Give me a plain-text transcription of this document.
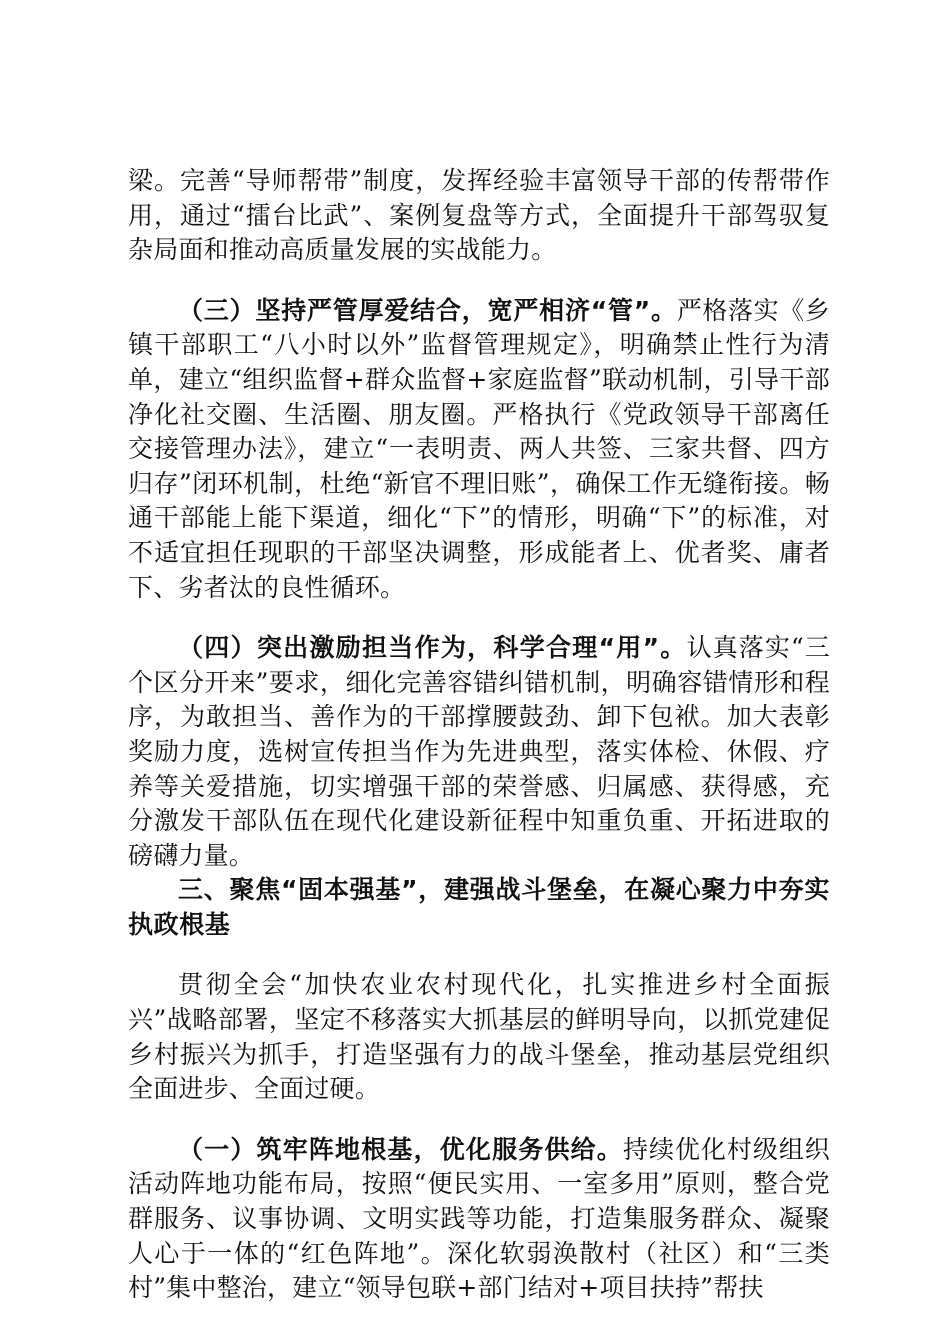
梁。完善“导师帮带”制度，发挥经验丰富领导干部的传帮带作用，通过“擂台比武”、案例复盘等方式，全面提升干部驾驭复杂局面和推动高质量发展的实战能力。

（三）坚持严管厚爱结合，宽严相济“管”。严格落实《乡镇干部职工“八小时以外”监督管理规定》，明确禁止性行为清单，建立“组织监督+群众监督+家庭监督”联动机制，引导干部净化社交圈、生活圈、朋友圈。严格执行《党政领导干部离任交接管理办法》，建立“一表明责、两人共签、三家共督、四方归存”闭环机制，杜绝“新官不理旧账”，确保工作无缝衔接。畅通干部能上能下渠道，细化“下”的情形，明确“下”的标准，对不适宜担任现职的干部坚决调整，形成能者上、优者奖、庸者下、劣者汰的良性循环。

（四）突出激励担当作为，科学合理“用”。认真落实“三个区分开来”要求，细化完善容错纠错机制，明确容错情形和程序，为敢担当、善作为的干部撑腰鼓劲、卸下包袱。加大表彰奖励力度，选树宣传担当作为先进典型，落实体检、休假、疗养等关爱措施，切实增强干部的荣誉感、归属感、获得感，充分激发干部队伍在现代化建设新征程中知重负重、开拓进取的磅礴力量。

三、聚焦“固本强基”，建强战斗堡垒，在凝心聚力中夯实执政根基

贯彻全会“加快农业农村现代化，扎实推进乡村全面振兴”战略部署，坚定不移落实大抓基层的鲜明导向，以抓党建促乡村振兴为抓手，打造坚强有力的战斗堡垒，推动基层党组织全面进步、全面过硬。

（一）筑牢阵地根基，优化服务供给。持续优化村级组织活动阵地功能布局，按照“便民实用、一室多用”原则，整合党群服务、议事协调、文明实践等功能，打造集服务群众、凝聚人心于一体的“红色阵地”。深化软弱涣散村（社区）和“三类村”集中整治，建立“领导包联+部门结对+项目扶持”帮扶
